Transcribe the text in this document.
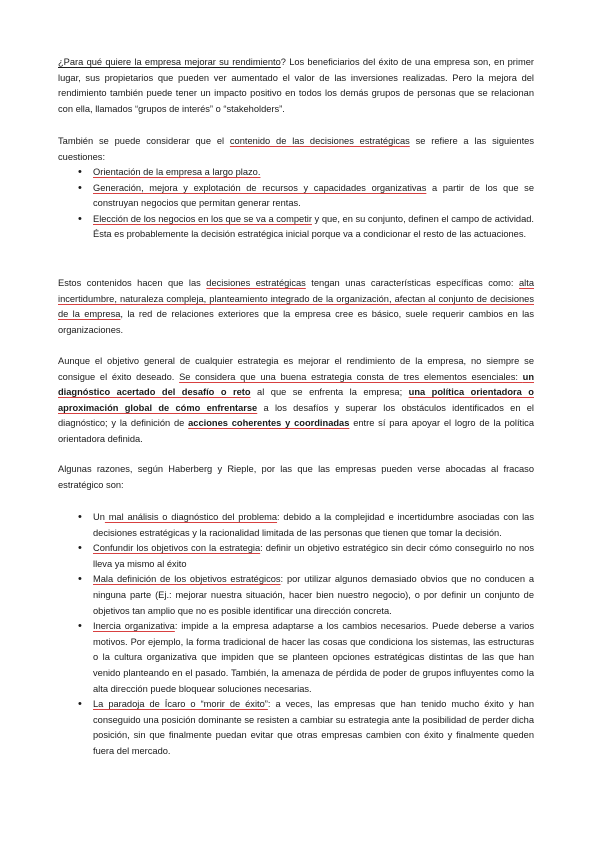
¿Para qué quiere la empresa mejorar su rendimiento? Los beneficiarios del éxito de una empresa son, en primer lugar, sus propietarios que pueden ver aumentado el valor de las inversiones realizadas. Pero la mejora del rendimiento también puede tener un impacto positivo en todos los demás grupos de personas que se relacionan con ella, llamados “grupos de interés” o “stakeholders”.

También se puede considerar que el contenido de las decisiones estratégicas se refiere a las siguientes cuestiones:

• Orientación de la empresa a largo plazo.
• Generación, mejora y explotación de recursos y capacidades organizativas a partir de los que se construyan negocios que permitan generar rentas.
• Elección de los negocios en los que se va a competir y que, en su conjunto, definen el campo de actividad. Ésta es probablemente la decisión estratégica inicial porque va a condicionar el resto de las actuaciones.

Estos contenidos hacen que las decisiones estratégicas tengan unas características específicas como: alta incertidumbre, naturaleza compleja, planteamiento integrado de la organización, afectan al conjunto de decisiones de la empresa, la red de relaciones exteriores que la empresa cree es básico, suele requerir cambios en las organizaciones.

Aunque el objetivo general de cualquier estrategia es mejorar el rendimiento de la empresa, no siempre se consigue el éxito deseado. Se considera que una buena estrategia consta de tres elementos esenciales: un diagnóstico acertado del desafío o reto al que se enfrenta la empresa; una política orientadora o aproximación global de cómo enfrentarse a los desafíos y superar los obstáculos identificados en el diagnóstico; y la definición de acciones coherentes y coordinadas entre sí para apoyar el logro de la política orientadora definida.

Algunas razones, según Haberberg y Rieple, por las que las empresas pueden verse abocadas al fracaso estratégico son:

• Un mal análisis o diagnóstico del problema: debido a la complejidad e incertidumbre asociadas con las decisiones estratégicas y la racionalidad limitada de las personas que tienen que tomar la decisión.
• Confundir los objetivos con la estrategia: definir un objetivo estratégico sin decir cómo conseguirlo no nos lleva ya mismo al éxito
• Mala definición de los objetivos estratégicos: por utilizar algunos demasiado obvios que no conducen a ninguna parte (Ej.: mejorar nuestra situación, hacer bien nuestro negocio), o por definir un conjunto de objetivos tan amplio que no es posible identificar una dirección concreta.
• Inercia organizativa: impide a la empresa adaptarse a los cambios necesarios. Puede deberse a varios motivos. Por ejemplo, la forma tradicional de hacer las cosas que condiciona los sistemas, las estructuras o la cultura organizativa que impiden que se planteen opciones estratégicas distintas de las que han venido planteando en el pasado. También, la amenaza de pérdida de poder de grupos influyentes como la alta dirección puede bloquear soluciones necesarias.
• La paradoja de Ícaro o “morir de éxito”: a veces, las empresas que han tenido mucho éxito y han conseguido una posición dominante se resisten a cambiar su estrategia ante la posibilidad de perder dicha posición, sin que finalmente puedan evitar que otras empresas cambien con éxito y finalmente queden fuera del mercado.
